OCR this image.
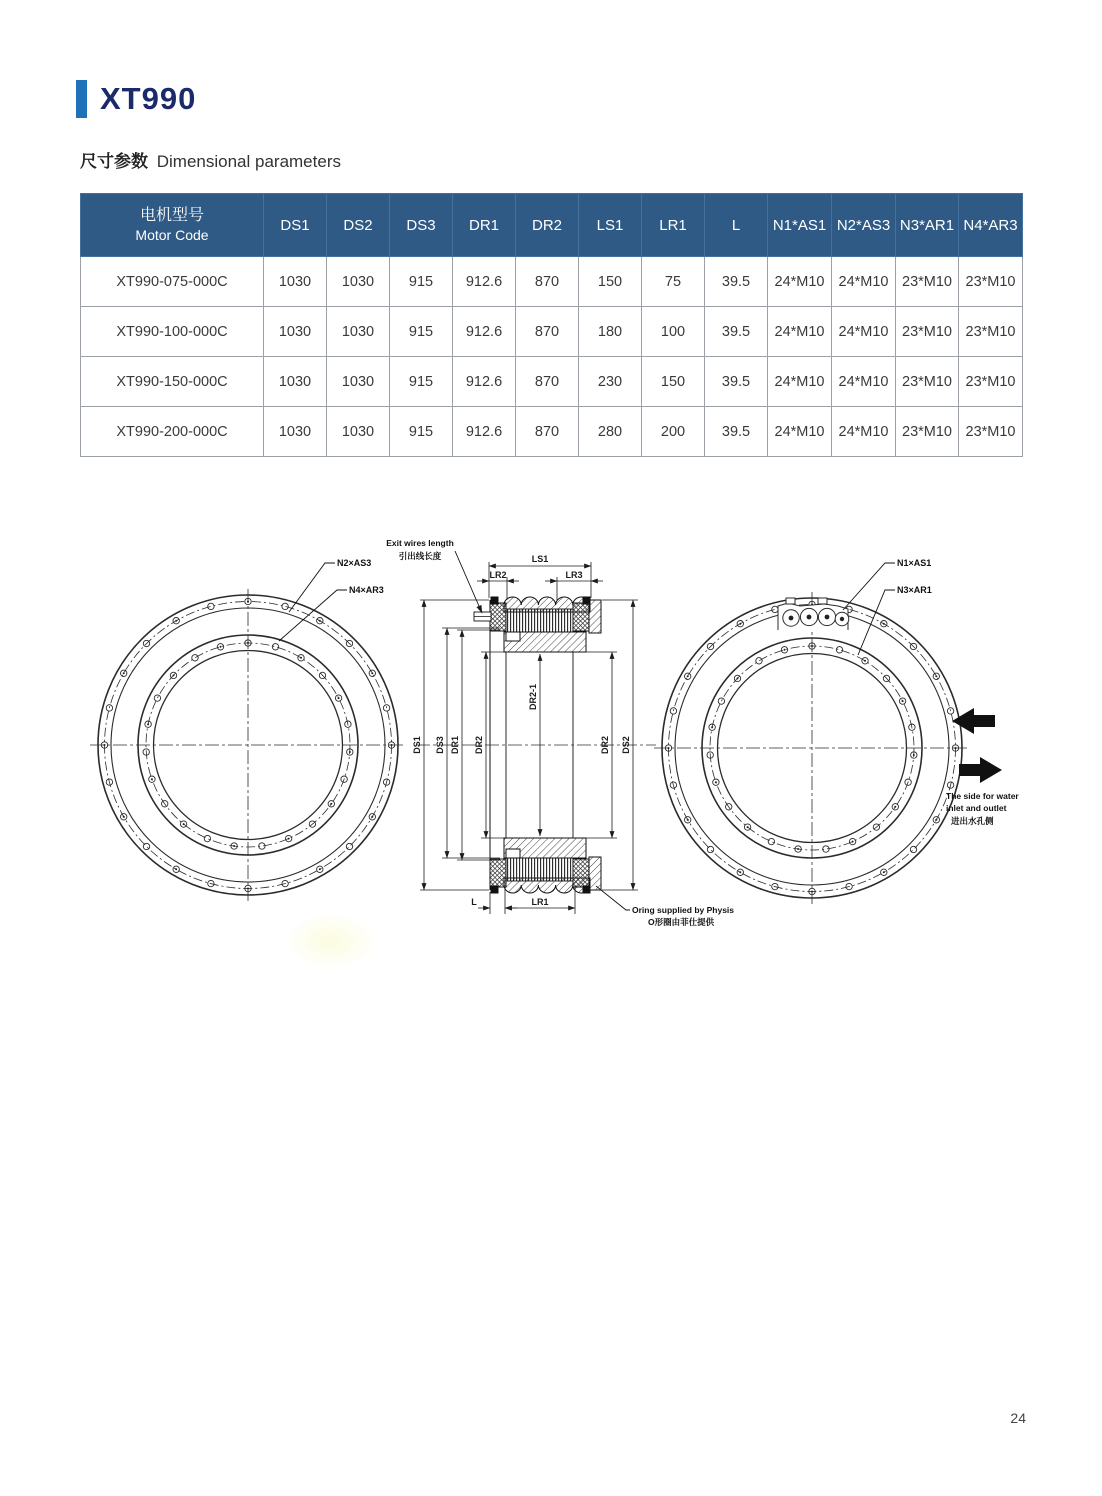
XT990
尺寸参数 Dimensional parameters
电机型号
Motor Code	DS1	DS2	DS3	DR1	DR2	LS1	LR1	L	N1*AS1	N2*AS3	N3*AR1	N4*AR3
XT990-075-000C	1030	1030	915	912.6	870	150	75	39.5	24*M10	24*M10	23*M10	23*M10
XT990-100-000C	1030	1030	915	912.6	870	180	100	39.5	24*M10	24*M10	23*M10	23*M10
XT990-150-000C	1030	1030	915	912.6	870	230	150	39.5	24*M10	24*M10	23*M10	23*M10
XT990-200-000C	1030	1030	915	912.6	870	280	200	39.5	24*M10	24*M10	23*M10	23*M10
N2×AS3
N4×AR3
N1×AS1
N3×AR1
The side for water
inlet and outlet
进出水孔侧
LS1
LR2	LR3
DS1 DS3 DR1 DR2
DR2-1
DR2 DS2
L	LR1
Exit wires length
引出线长度
Oring supplied by Physis
O形圈由菲仕提供
24
